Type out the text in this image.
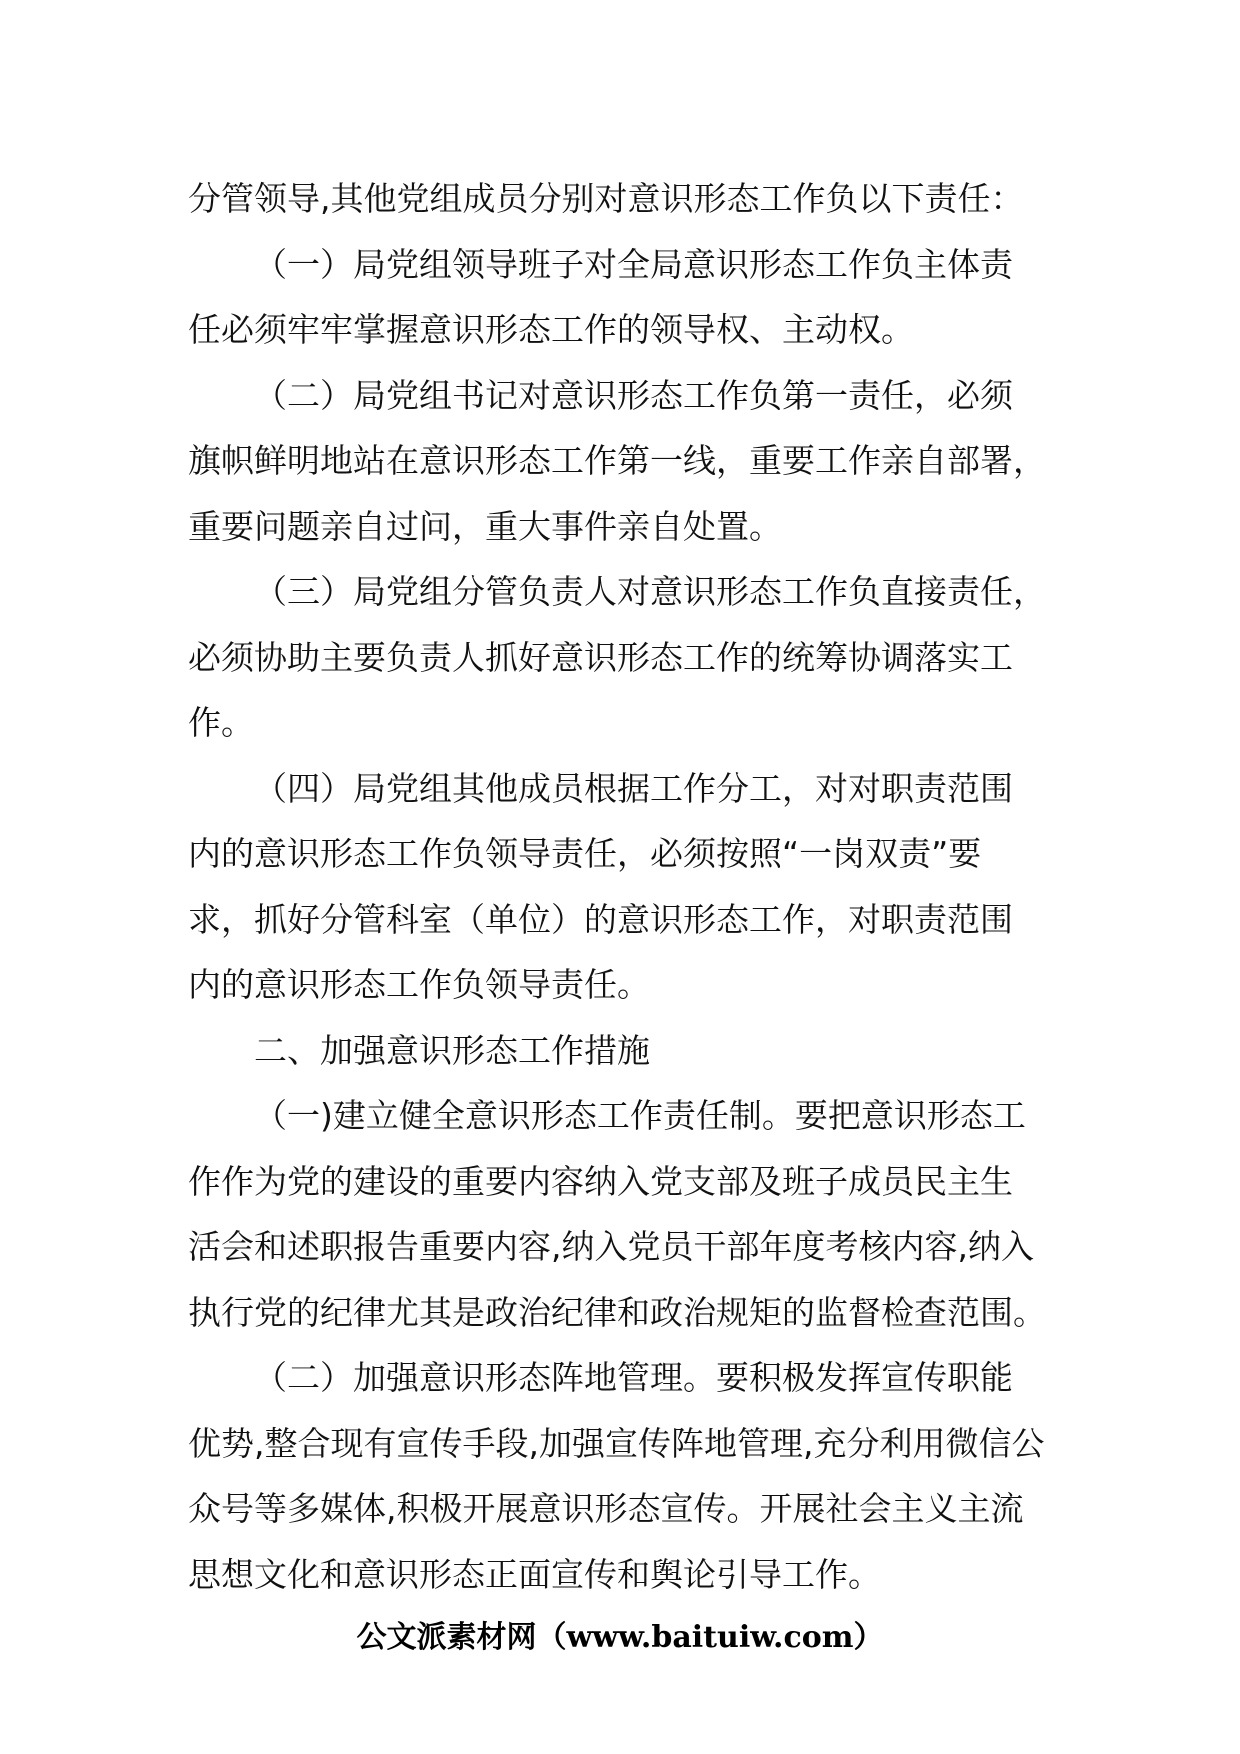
分管领导,其他党组成员分别对意识形态工作负以下责任：
（一）局党组领导班子对全局意识形态工作负主体责
任必须牢牢掌握意识形态工作的领导权、主动权。
（二）局党组书记对意识形态工作负第一责任，必须
旗帜鲜明地站在意识形态工作第一线，重要工作亲自部署，
重要问题亲自过问，重大事件亲自处置。
（三）局党组分管负责人对意识形态工作负直接责任，
必须协助主要负责人抓好意识形态工作的统筹协调落实工
作。
（四）局党组其他成员根据工作分工，对对职责范围
内的意识形态工作负领导责任，必须按照“一岗双责”要
求，抓好分管科室（单位）的意识形态工作，对职责范围
内的意识形态工作负领导责任。
二、加强意识形态工作措施
（一)建立健全意识形态工作责任制。要把意识形态工
作作为党的建设的重要内容纳入党支部及班子成员民主生
活会和述职报告重要内容,纳入党员干部年度考核内容,纳入
执行党的纪律尤其是政治纪律和政治规矩的监督检查范围。
（二）加强意识形态阵地管理。要积极发挥宣传职能
优势,整合现有宣传手段,加强宣传阵地管理,充分利用微信公
众号等多媒体,积极开展意识形态宣传。开展社会主义主流
思想文化和意识形态正面宣传和舆论引导工作。
公文派素材网（www.baituiw.com）
